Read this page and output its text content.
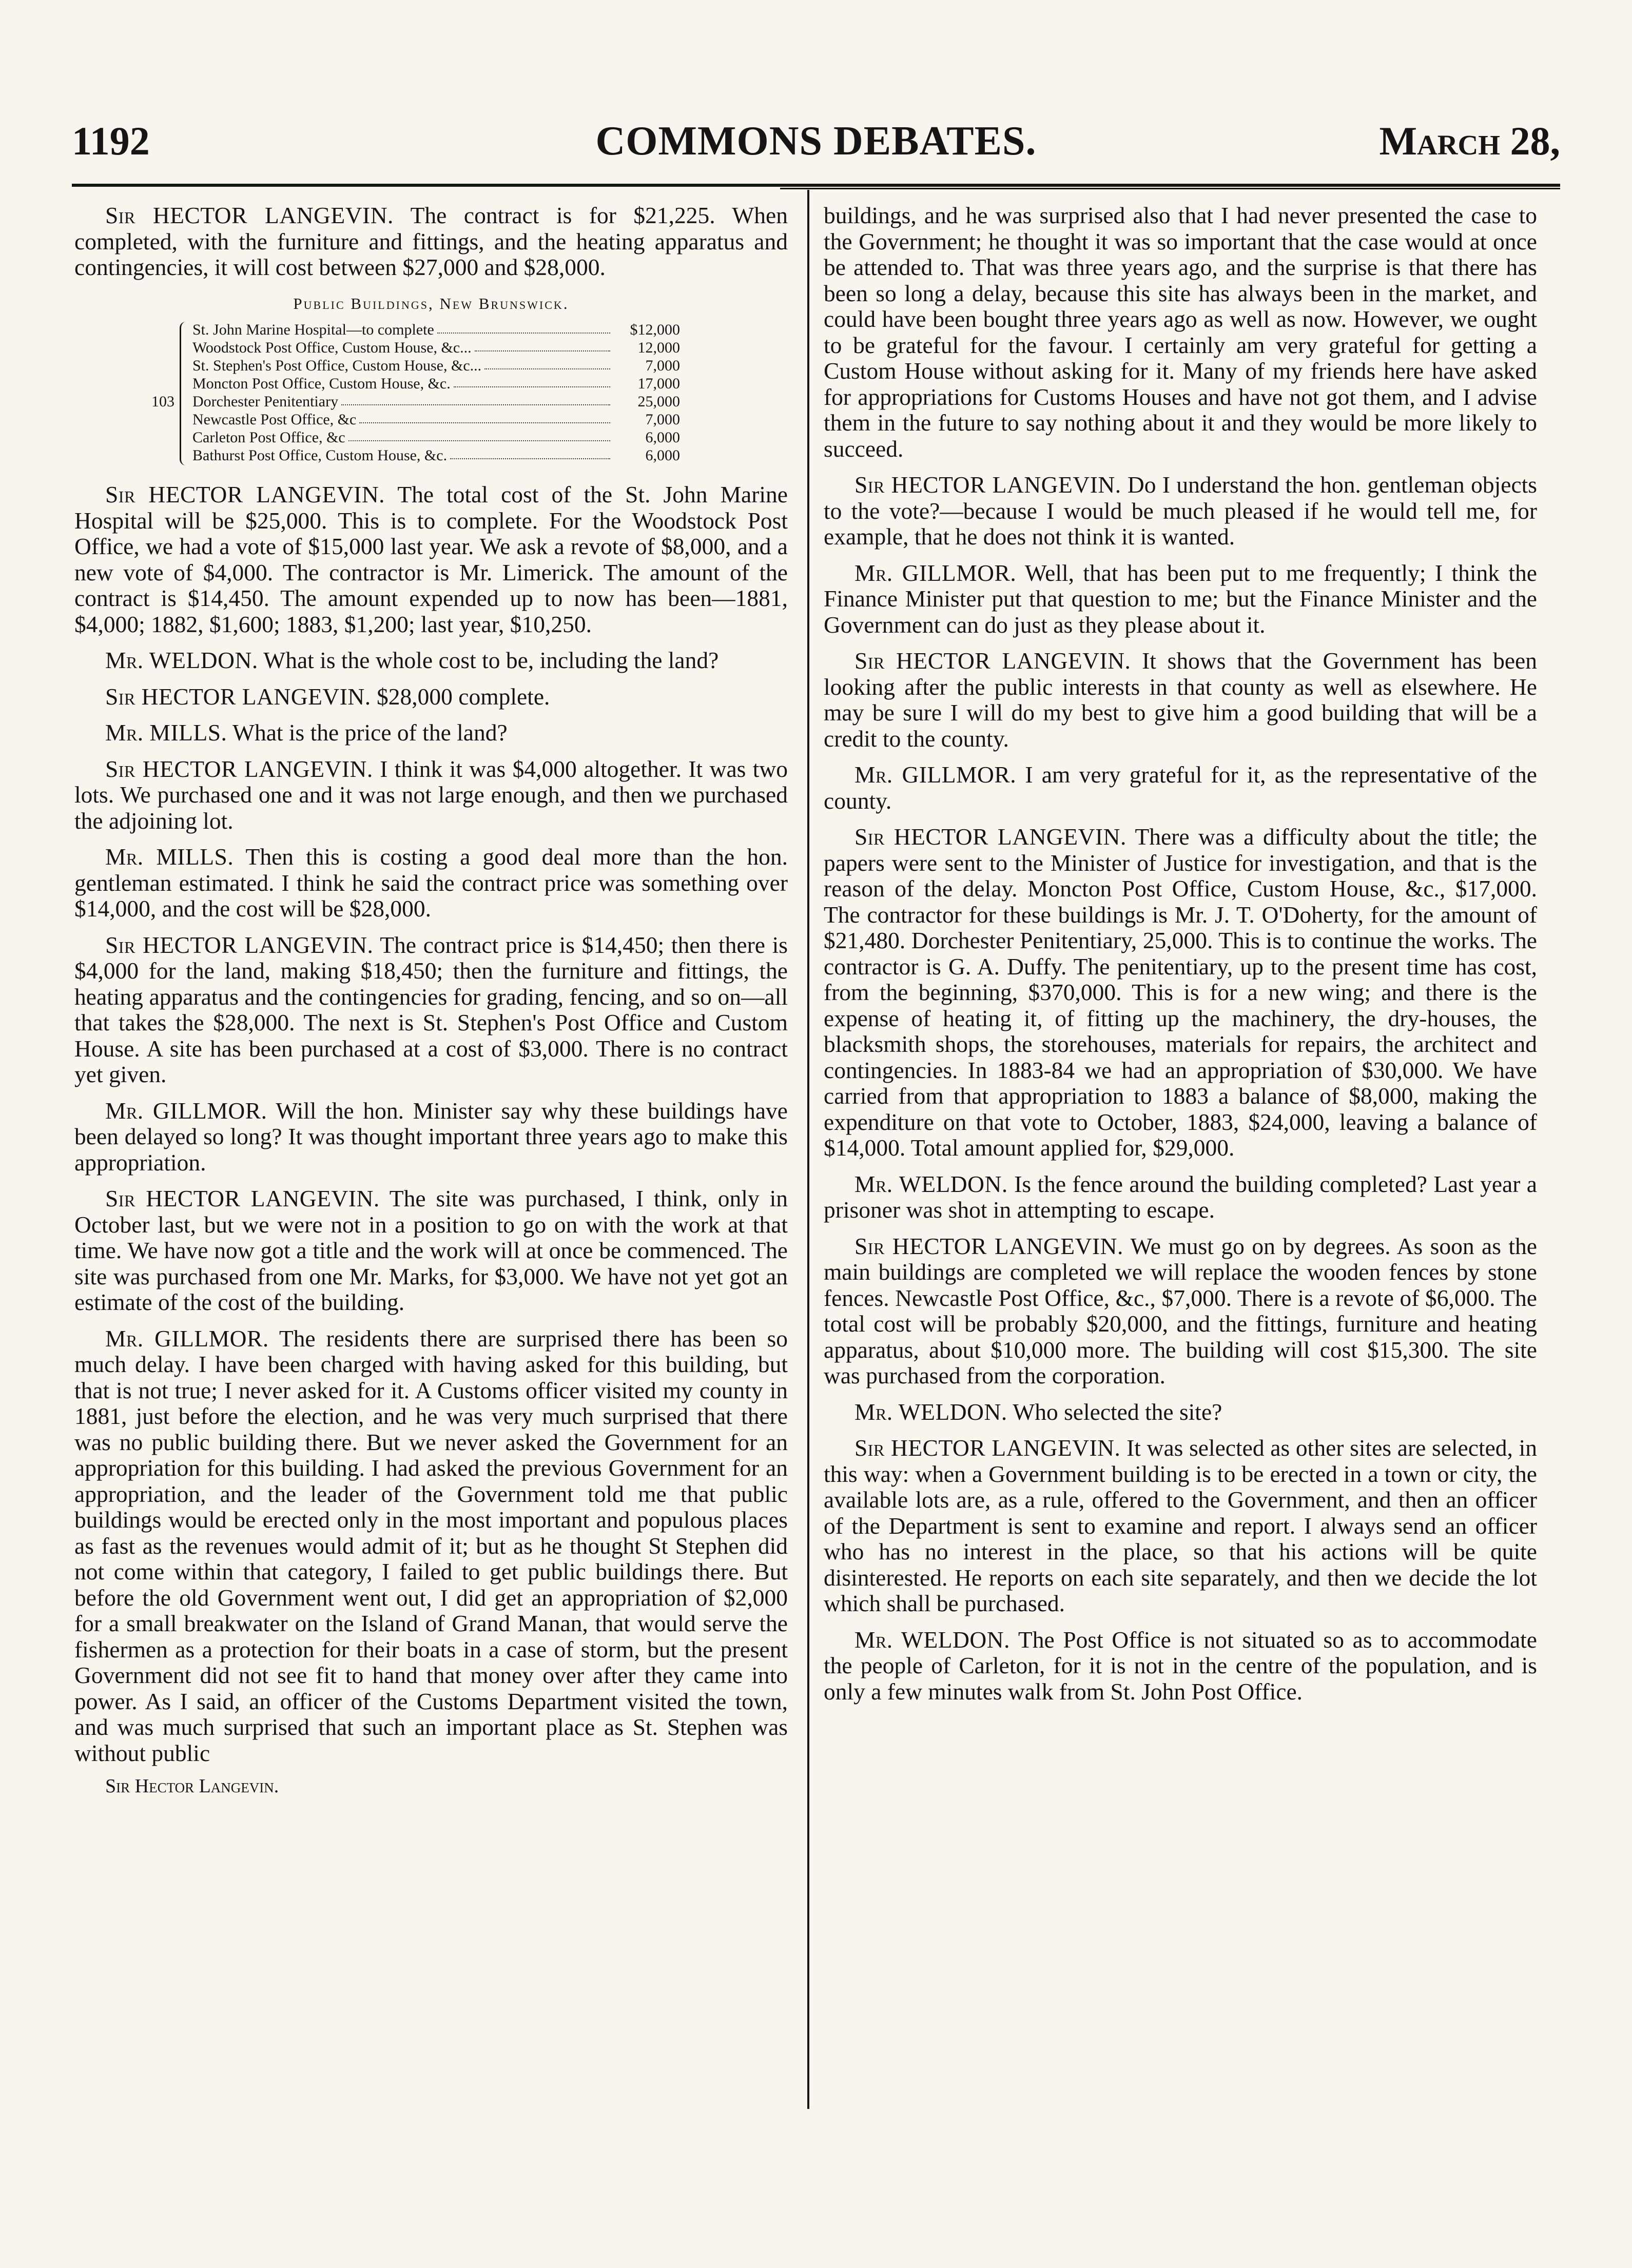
1192	COMMONS DEBATES.	March 28,

Sir HECTOR LANGEVIN. The contract is for $21,225. When completed, with the furniture and fittings, and the heating apparatus and contingencies, it will cost between $27,000 and $28,000.

Public Buildings, New Brunswick.
103
St. John Marine Hospital—to complete	$12,000
Woodstock Post Office, Custom House, &c...	12,000
St. Stephen's Post Office, Custom House, &c...	7,000
Moncton Post Office, Custom House, &c.	17,000
Dorchester Penitentiary	25,000
Newcastle Post Office, &c	7,000
Carleton Post Office, &c	6,000
Bathurst Post Office, Custom House, &c.	6,000

Sir HECTOR LANGEVIN. The total cost of the St. John Marine Hospital will be $25,000. This is to complete. For the Woodstock Post Office, we had a vote of $15,000 last year. We ask a revote of $8,000, and a new vote of $4,000. The contractor is Mr. Limerick. The amount of the contract is $14,450. The amount expended up to now has been—1881, $4,000; 1882, $1,600; 1883, $1,200; last year, $10,250.

Mr. WELDON. What is the whole cost to be, including the land?

Sir HECTOR LANGEVIN. $28,000 complete.

Mr. MILLS. What is the price of the land?

Sir HECTOR LANGEVIN. I think it was $4,000 altogether. It was two lots. We purchased one and it was not large enough, and then we purchased the adjoining lot.

Mr. MILLS. Then this is costing a good deal more than the hon. gentleman estimated. I think he said the contract price was something over $14,000, and the cost will be $28,000.

Sir HECTOR LANGEVIN. The contract price is $14,450; then there is $4,000 for the land, making $18,450; then the furniture and fittings, the heating apparatus and the contingencies for grading, fencing, and so on—all that takes the $28,000. The next is St. Stephen's Post Office and Custom House. A site has been purchased at a cost of $3,000. There is no contract yet given.

Mr. GILLMOR. Will the hon. Minister say why these buildings have been delayed so long? It was thought important three years ago to make this appropriation.

Sir HECTOR LANGEVIN. The site was purchased, I think, only in October last, but we were not in a position to go on with the work at that time. We have now got a title and the work will at once be commenced. The site was purchased from one Mr. Marks, for $3,000. We have not yet got an estimate of the cost of the building.

Mr. GILLMOR. The residents there are surprised there has been so much delay. I have been charged with having asked for this building, but that is not true; I never asked for it. A Customs officer visited my county in 1881, just before the election, and he was very much surprised that there was no public building there. But we never asked the Government for an appropriation for this building. I had asked the previous Government for an appropriation, and the leader of the Government told me that public buildings would be erected only in the most important and populous places as fast as the revenues would admit of it; but as he thought St Stephen did not come within that category, I failed to get public buildings there. But before the old Government went out, I did get an appropriation of $2,000 for a small breakwater on the Island of Grand Manan, that would serve the fishermen as a protection for their boats in a case of storm, but the present Government did not see fit to hand that money over after they came into power. As I said, an officer of the Customs Department visited the town, and was much surprised that such an important place as St. Stephen was without public

Sir Hector Langevin.

buildings, and he was surprised also that I had never presented the case to the Government; he thought it was so important that the case would at once be attended to. That was three years ago, and the surprise is that there has been so long a delay, because this site has always been in the market, and could have been bought three years ago as well as now. However, we ought to be grateful for the favour. I certainly am very grateful for getting a Custom House without asking for it. Many of my friends here have asked for appropriations for Customs Houses and have not got them, and I advise them in the future to say nothing about it and they would be more likely to succeed.

Sir HECTOR LANGEVIN. Do I understand the hon. gentleman objects to the vote?—because I would be much pleased if he would tell me, for example, that he does not think it is wanted.

Mr. GILLMOR. Well, that has been put to me frequently; I think the Finance Minister put that question to me; but the Finance Minister and the Government can do just as they please about it.

Sir HECTOR LANGEVIN. It shows that the Government has been looking after the public interests in that county as well as elsewhere. He may be sure I will do my best to give him a good building that will be a credit to the county.

Mr. GILLMOR. I am very grateful for it, as the representative of the county.

Sir HECTOR LANGEVIN. There was a difficulty about the title; the papers were sent to the Minister of Justice for investigation, and that is the reason of the delay. Moncton Post Office, Custom House, &c., $17,000. The contractor for these buildings is Mr. J. T. O'Doherty, for the amount of $21,480. Dorchester Penitentiary, 25,000. This is to continue the works. The contractor is G. A. Duffy. The penitentiary, up to the present time has cost, from the beginning, $370,000. This is for a new wing; and there is the expense of heating it, of fitting up the machinery, the dry-houses, the blacksmith shops, the storehouses, materials for repairs, the architect and contingencies. In 1883-84 we had an appropriation of $30,000. We have carried from that appropriation to 1883 a balance of $8,000, making the expenditure on that vote to October, 1883, $24,000, leaving a balance of $14,000. Total amount applied for, $29,000.

Mr. WELDON. Is the fence around the building completed? Last year a prisoner was shot in attempting to escape.

Sir HECTOR LANGEVIN. We must go on by degrees. As soon as the main buildings are completed we will replace the wooden fences by stone fences. Newcastle Post Office, &c., $7,000. There is a revote of $6,000. The total cost will be probably $20,000, and the fittings, furniture and heating apparatus, about $10,000 more. The building will cost $15,300. The site was purchased from the corporation.

Mr. WELDON. Who selected the site?

Sir HECTOR LANGEVIN. It was selected as other sites are selected, in this way: when a Government building is to be erected in a town or city, the available lots are, as a rule, offered to the Government, and then an officer of the Department is sent to examine and report. I always send an officer who has no interest in the place, so that his actions will be quite disinterested. He reports on each site separately, and then we decide the lot which shall be purchased.

Mr. WELDON. The Post Office is not situated so as to accommodate the people of Carleton, for it is not in the centre of the population, and is only a few minutes walk from St. John Post Office.
